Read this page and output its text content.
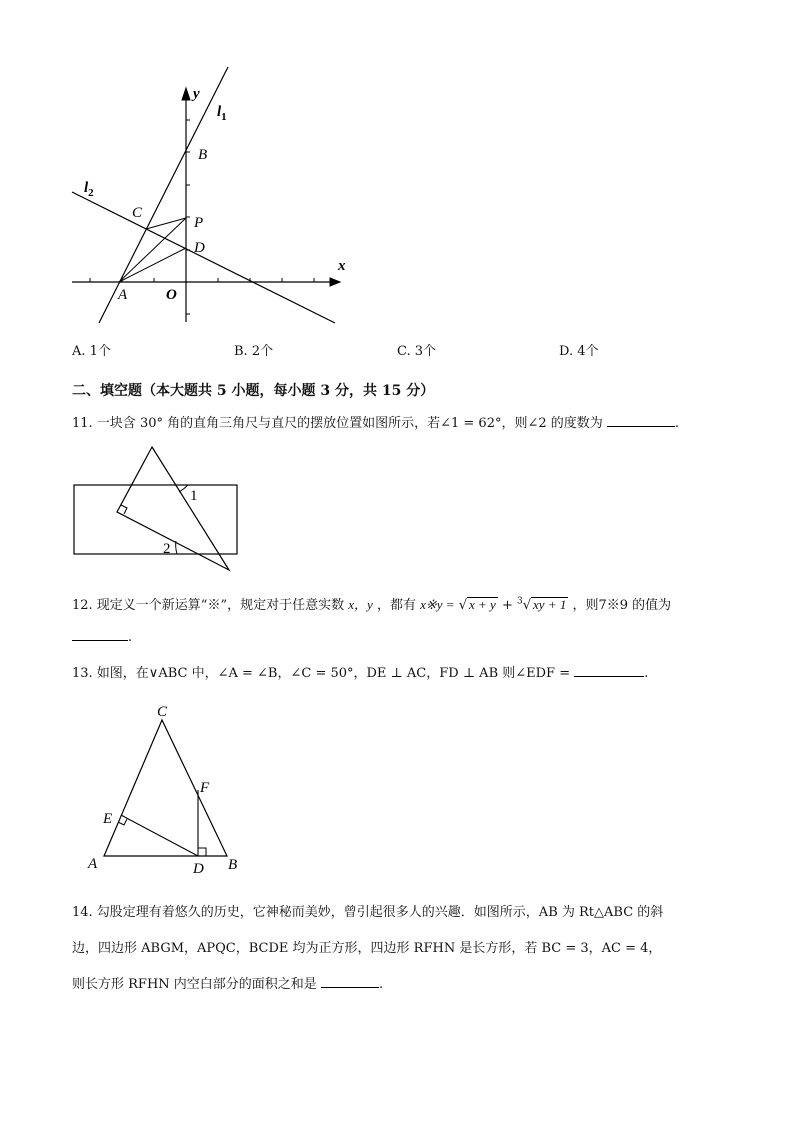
y
x
$l_1$
$l_2$
B
C
P
D
A	O
A. 1个	B. 2个	C. 3个	D. 4个
二、填空题（本大题共 5 小题，每小题 3 分，共 15 分）
11. 一块含 30° 角的直角三角尺与直尺的摆放位置如图所示，若∠1 = 62°，则∠2 的度数为	.
1
2
12. 现定义一个新运算“※”，规定对于任意实数 x，y ，都有 x※y = √ x + y + $^3$√ xy + 1 ，则7※9 的值为
.
13. 如图，在∨ABC 中，∠A = ∠B，∠C = 50°，DE ⊥ AC，FD ⊥ AB 则∠EDF =	.
C
F
E
A	D B
14. 勾股定理有着悠久的历史，它神秘而美妙，曾引起很多人的兴趣．如图所示，AB 为 Rt△ABC 的斜
边，四边形 ABGM，APQC，BCDE 均为正方形，四边形 RFHN 是长方形，若 BC = 3，AC = 4，
则长方形 RFHN 内空白部分的面积之和是	.
